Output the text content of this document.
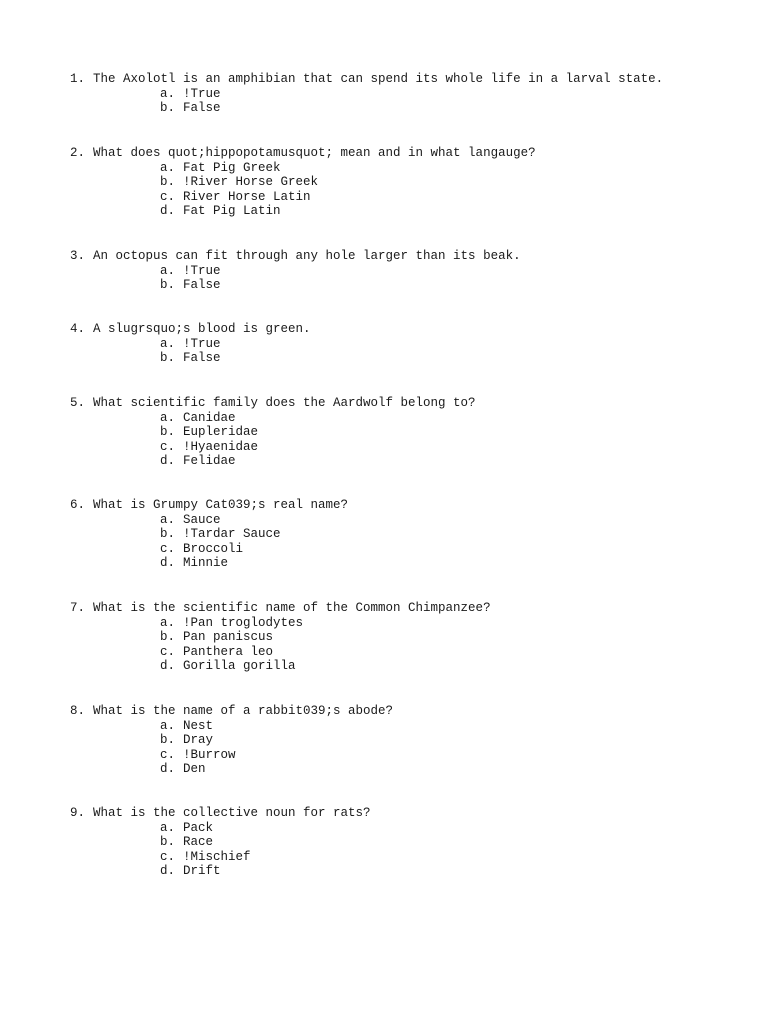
1. The Axolotl is an amphibian that can spend its whole life in a larval state.
a. !True
b. False
2. What does quot;hippopotamusquot; mean and in what langauge?
a. Fat Pig Greek
b. !River Horse Greek
c. River Horse Latin
d. Fat Pig Latin
3. An octopus can fit through any hole larger than its beak.
a. !True
b. False
4. A slugrsquo;s blood is green.
a. !True
b. False
5. What scientific family does the Aardwolf belong to?
a. Canidae
b. Eupleridae
c. !Hyaenidae
d. Felidae
6. What is Grumpy Cat039;s real name?
a. Sauce
b. !Tardar Sauce
c. Broccoli
d. Minnie
7. What is the scientific name of the Common Chimpanzee?
a. !Pan troglodytes
b. Pan paniscus
c. Panthera leo
d. Gorilla gorilla
8. What is the name of a rabbit039;s abode?
a. Nest
b. Dray
c. !Burrow
d. Den
9. What is the collective noun for rats?
a. Pack
b. Race
c. !Mischief
d. Drift
